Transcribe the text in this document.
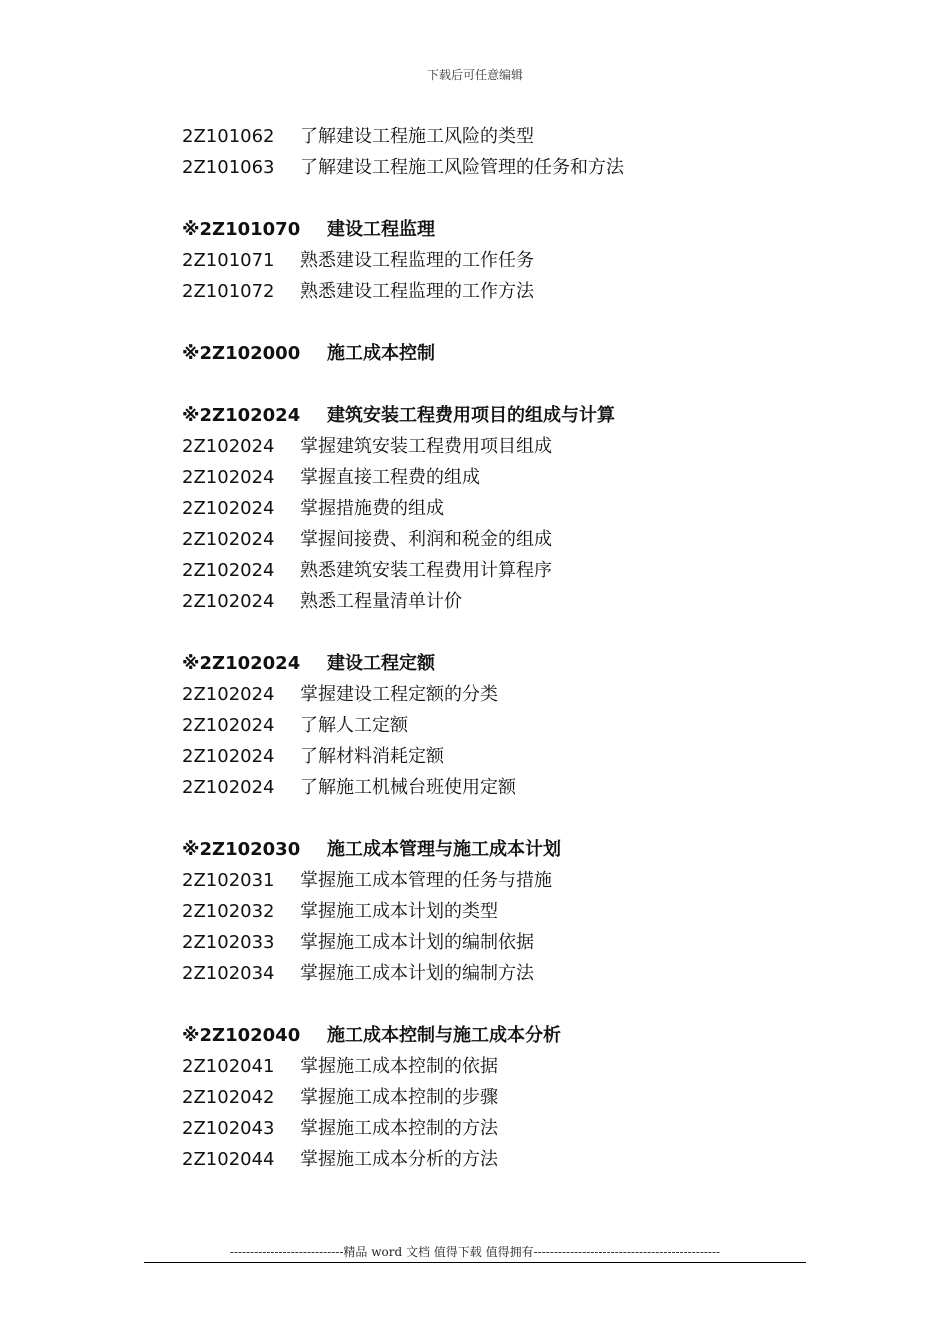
下载后可任意编辑
2Z101062 了解建设工程施工风险的类型
2Z101063 了解建设工程施工风险管理的任务和方法
※2Z101070 建设工程监理
2Z101071 熟悉建设工程监理的工作任务
2Z101072 熟悉建设工程监理的工作方法
※2Z102000 施工成本控制
※2Z102024 建筑安装工程费用项目的组成与计算
2Z102024 掌握建筑安装工程费用项目组成
2Z102024 掌握直接工程费的组成
2Z102024 掌握措施费的组成
2Z102024 掌握间接费、利润和税金的组成
2Z102024 熟悉建筑安装工程费用计算程序
2Z102024 熟悉工程量清单计价
※2Z102024 建设工程定额
2Z102024 掌握建设工程定额的分类
2Z102024 了解人工定额
2Z102024 了解材料消耗定额
2Z102024 了解施工机械台班使用定额
※2Z102030 施工成本管理与施工成本计划
2Z102031 掌握施工成本管理的任务与措施
2Z102032 掌握施工成本计划的类型
2Z102033 掌握施工成本计划的编制依据
2Z102034 掌握施工成本计划的编制方法
※2Z102040 施工成本控制与施工成本分析
2Z102041 掌握施工成本控制的依据
2Z102042 掌握施工成本控制的步骤
2Z102043 掌握施工成本控制的方法
2Z102044 掌握施工成本分析的方法
----------------------------精品 word 文档 值得下载 值得拥有----------------------------------------------
